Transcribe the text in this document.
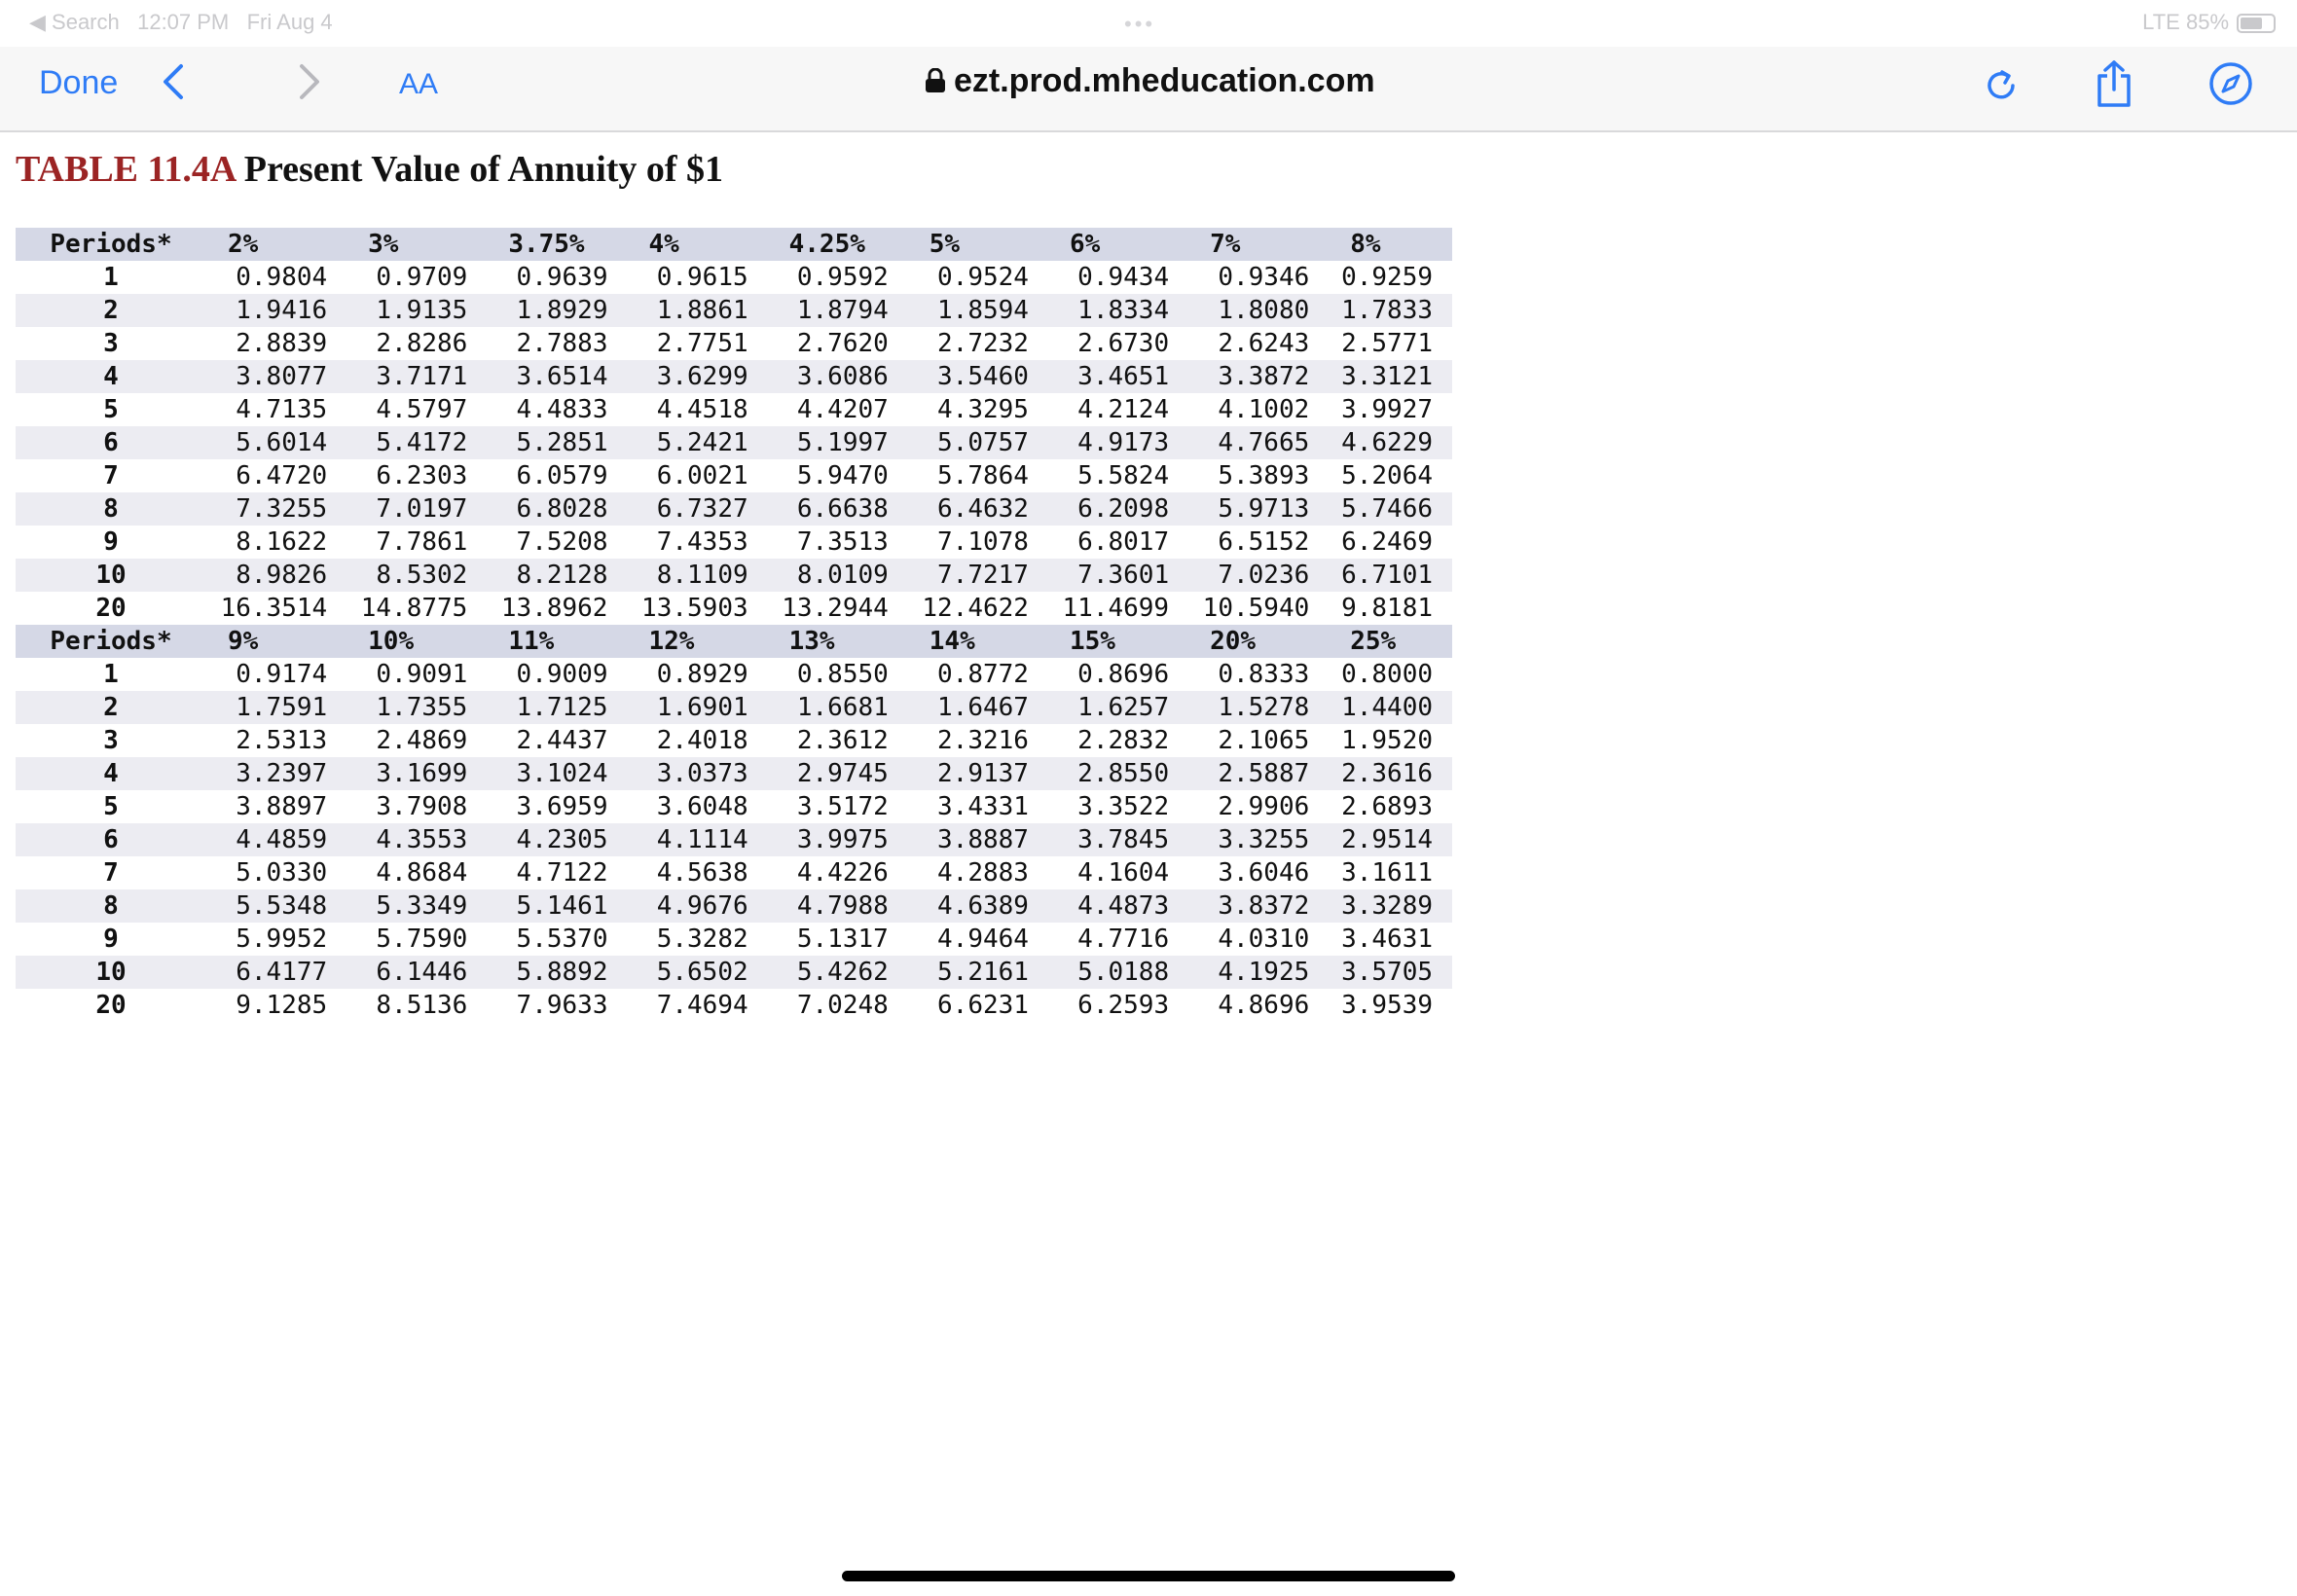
◀ Search 12:07 PM Fri Aug 4	•••	LTE 85%
Done	AA	ezt.prod.mheducation.com
TABLE 11.4A Present Value of Annuity of $1
Periods*	2%	3%	3.75%	4%	4.25%	5%	6%	7%	8%
1	0.9804	0.9709	0.9639	0.9615	0.9592	0.9524	0.9434	0.9346	0.9259
2	1.9416	1.9135	1.8929	1.8861	1.8794	1.8594	1.8334	1.8080	1.7833
3	2.8839	2.8286	2.7883	2.7751	2.7620	2.7232	2.6730	2.6243	2.5771
4	3.8077	3.7171	3.6514	3.6299	3.6086	3.5460	3.4651	3.3872	3.3121
5	4.7135	4.5797	4.4833	4.4518	4.4207	4.3295	4.2124	4.1002	3.9927
6	5.6014	5.4172	5.2851	5.2421	5.1997	5.0757	4.9173	4.7665	4.6229
7	6.4720	6.2303	6.0579	6.0021	5.9470	5.7864	5.5824	5.3893	5.2064
8	7.3255	7.0197	6.8028	6.7327	6.6638	6.4632	6.2098	5.9713	5.7466
9	8.1622	7.7861	7.5208	7.4353	7.3513	7.1078	6.8017	6.5152	6.2469
10	8.9826	8.5302	8.2128	8.1109	8.0109	7.7217	7.3601	7.0236	6.7101
20	16.3514	14.8775	13.8962	13.5903	13.2944	12.4622	11.4699	10.5940	9.8181
Periods*	9%	10%	11%	12%	13%	14%	15%	20%	25%
1	0.9174	0.9091	0.9009	0.8929	0.8550	0.8772	0.8696	0.8333	0.8000
2	1.7591	1.7355	1.7125	1.6901	1.6681	1.6467	1.6257	1.5278	1.4400
3	2.5313	2.4869	2.4437	2.4018	2.3612	2.3216	2.2832	2.1065	1.9520
4	3.2397	3.1699	3.1024	3.0373	2.9745	2.9137	2.8550	2.5887	2.3616
5	3.8897	3.7908	3.6959	3.6048	3.5172	3.4331	3.3522	2.9906	2.6893
6	4.4859	4.3553	4.2305	4.1114	3.9975	3.8887	3.7845	3.3255	2.9514
7	5.0330	4.8684	4.7122	4.5638	4.4226	4.2883	4.1604	3.6046	3.1611
8	5.5348	5.3349	5.1461	4.9676	4.7988	4.6389	4.4873	3.8372	3.3289
9	5.9952	5.7590	5.5370	5.3282	5.1317	4.9464	4.7716	4.0310	3.4631
10	6.4177	6.1446	5.8892	5.6502	5.4262	5.2161	5.0188	4.1925	3.5705
20	9.1285	8.5136	7.9633	7.4694	7.0248	6.6231	6.2593	4.8696	3.9539
